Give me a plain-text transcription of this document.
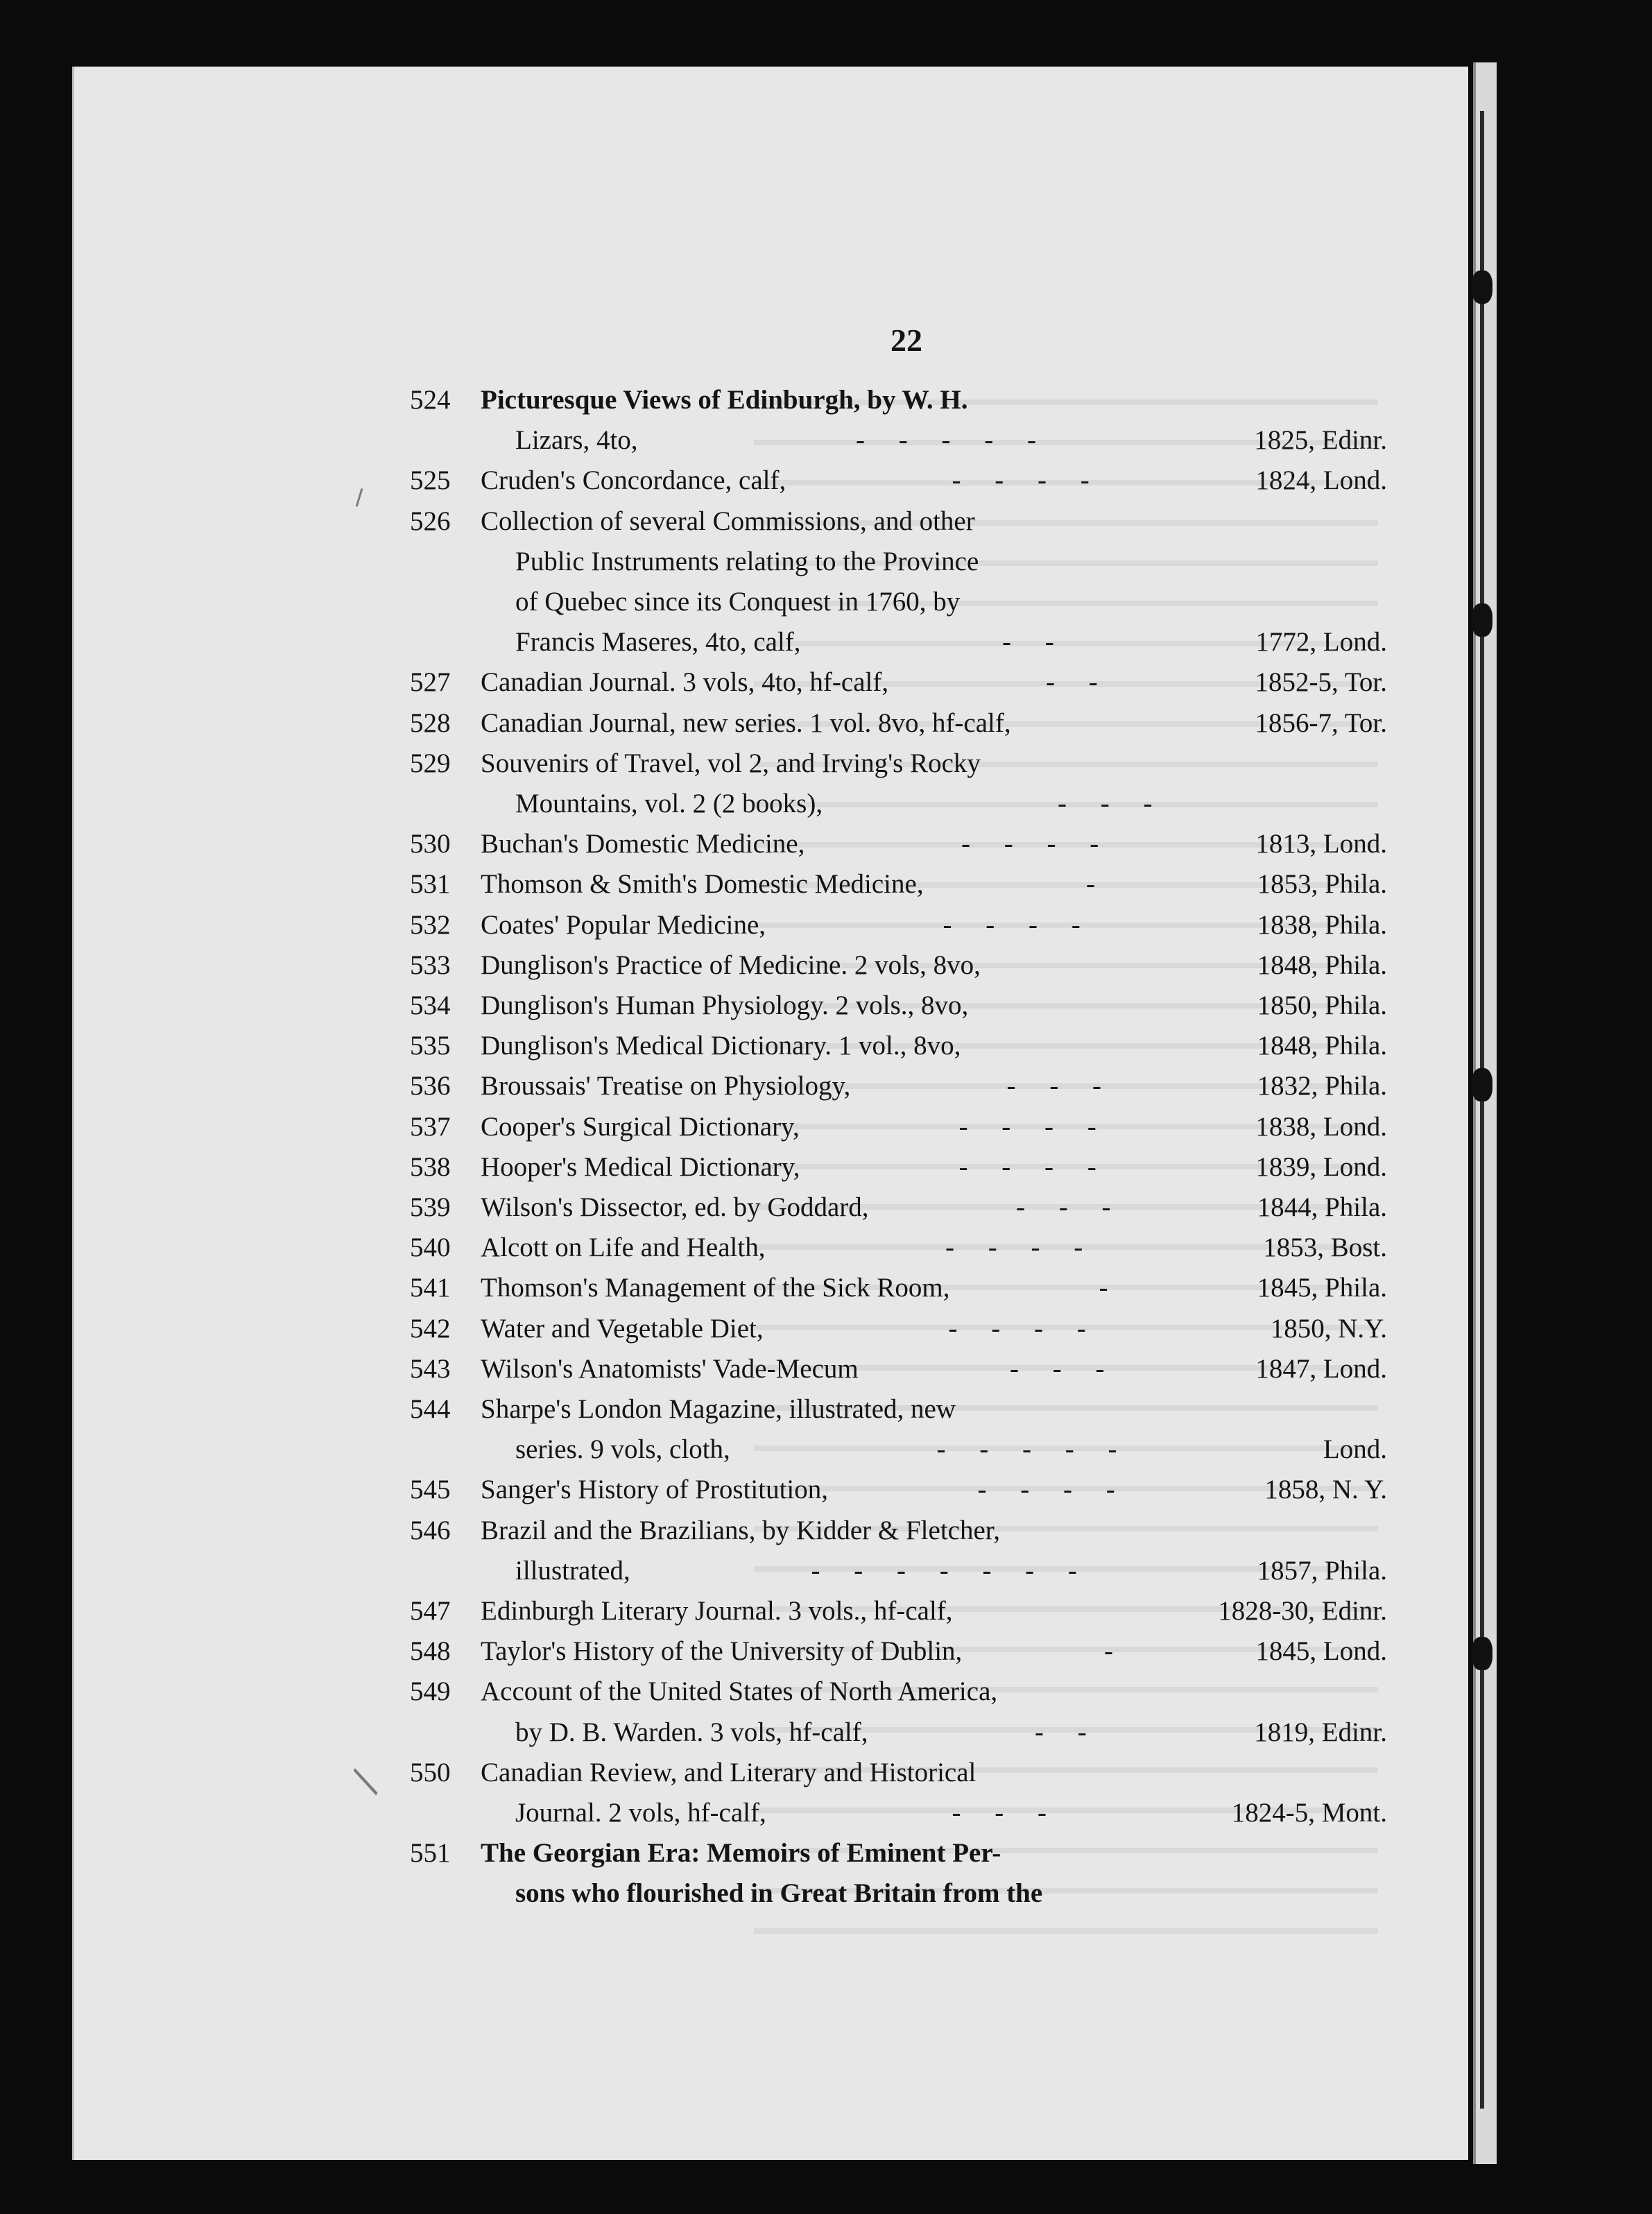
22
524	Picturesque Views of Edinburgh, by W. H.
Lizars, 4to,	1825, Edinr.
-     -     -     -     -
525	Cruden's Concordance, calf,	1824, Lond.
-     -     -     -
526	Collection of several Commissions, and other
Public Instruments relating to the Province
of Quebec since its Conquest in 1760, by
Francis Maseres, 4to, calf,	1772, Lond.
-     -
527	Canadian Journal. 3 vols, 4to, hf-calf,	1852-5, Tor.
-     -
528	Canadian Journal, new series. 1 vol. 8vo, hf-calf,	1856-7, Tor.
529	Souvenirs of Travel, vol 2, and Irving's Rocky
Mountains, vol. 2 (2 books),	-     -     -
530	Buchan's Domestic Medicine,	1813, Lond.
-     -     -     -
531	Thomson & Smith's Domestic Medicine,	1853, Phila.
-
532	Coates' Popular Medicine,	1838, Phila.
-     -     -     -
533	Dunglison's Practice of Medicine. 2 vols, 8vo,	1848, Phila.
534	Dunglison's Human Physiology. 2 vols., 8vo,	1850, Phila.
535	Dunglison's Medical Dictionary. 1 vol., 8vo,	1848, Phila.
536	Broussais' Treatise on Physiology,	1832, Phila.
-     -     -
537	Cooper's Surgical Dictionary,	1838, Lond.
-     -     -     -
538	Hooper's Medical Dictionary,	1839, Lond.
-     -     -     -
539	Wilson's Dissector, ed. by Goddard,	1844, Phila.
-     -     -
540	Alcott on Life and Health,	1853, Bost.
-     -     -     -
541	Thomson's Management of the Sick Room,	1845, Phila.
-
542	Water and Vegetable Diet,	1850, N.Y.
-     -     -     -
543	Wilson's Anatomists' Vade-Mecum	1847, Lond.
-     -     -
544	Sharpe's London Magazine, illustrated, new
series. 9 vols, cloth,	Lond.
-     -     -     -     -
545	Sanger's History of Prostitution,	1858, N. Y.
-     -     -     -
546	Brazil and the Brazilians, by Kidder & Fletcher,
illustrated,	1857, Phila.
-     -     -     -     -     -     -
547	Edinburgh Literary Journal. 3 vols., hf-calf,	1828-30, Edinr.
548	Taylor's History of the University of Dublin,	1845, Lond.
-
549	Account of the United States of North America,
by D. B. Warden. 3 vols, hf-calf,	1819, Edinr.
-     -
550	Canadian Review, and Literary and Historical
Journal. 2 vols, hf-calf,	1824-5, Mont.
-     -     -
551	The Georgian Era: Memoirs of Eminent Per-
sons who flourished in Great Britain from the
⸝
/
